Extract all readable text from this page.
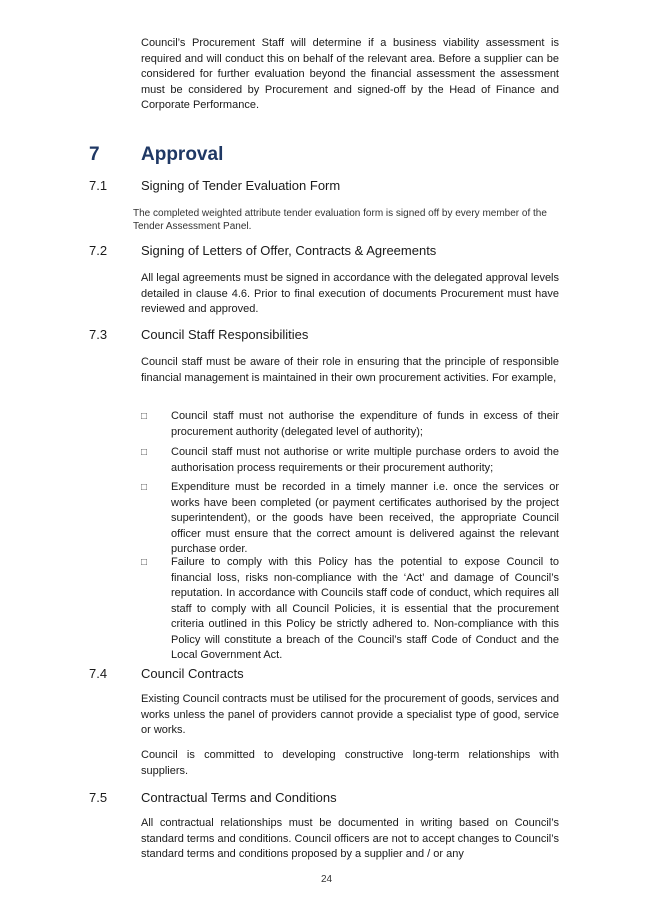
Council’s Procurement Staff will determine if a business viability assessment is required and will conduct this on behalf of the relevant area. Before a supplier can be considered for further evaluation beyond the financial assessment the assessment must be considered by Procurement and signed-off by the Head of Finance and Corporate Performance.

7 Approval
7.1	Signing of Tender Evaluation Form

The completed weighted attribute tender evaluation form is signed off by every member of the Tender Assessment Panel.

7.2	Signing of Letters of Offer, Contracts & Agreements

All legal agreements must be signed in accordance with the delegated approval levels detailed in clause 4.6. Prior to final execution of documents Procurement must have reviewed and approved.

7.3	Council Staff Responsibilities

Council staff must be aware of their role in ensuring that the principle of responsible financial management is maintained in their own procurement activities. For example,

□ Council staff must not authorise the expenditure of funds in excess of their procurement authority (delegated level of authority);
□ Council staff must not authorise or write multiple purchase orders to avoid the authorisation process requirements or their procurement authority;
□ Expenditure must be recorded in a timely manner i.e. once the services or works have been completed (or payment certificates authorised by the project superintendent), or the goods have been received, the appropriate Council officer must ensure that the correct amount is delivered against the relevant purchase order.
□ Failure to comply with this Policy has the potential to expose Council to financial loss, risks non-compliance with the ‘Act’ and damage of Council’s reputation. In accordance with Councils staff code of conduct, which requires all staff to comply with all Council Policies, it is essential that the procurement criteria outlined in this Policy be strictly adhered to. Non-compliance with this Policy will constitute a breach of the Council’s staff Code of Conduct and the Local Government Act.
7.4	Council Contracts

Existing Council contracts must be utilised for the procurement of goods, services and works unless the panel of providers cannot provide a specialist type of good, service or works.

Council is committed to developing constructive long-term relationships with suppliers.

7.5	Contractual Terms and Conditions

All contractual relationships must be documented in writing based on Council’s standard terms and conditions. Council officers are not to accept changes to Council’s standard terms and conditions proposed by a supplier and / or any

24
